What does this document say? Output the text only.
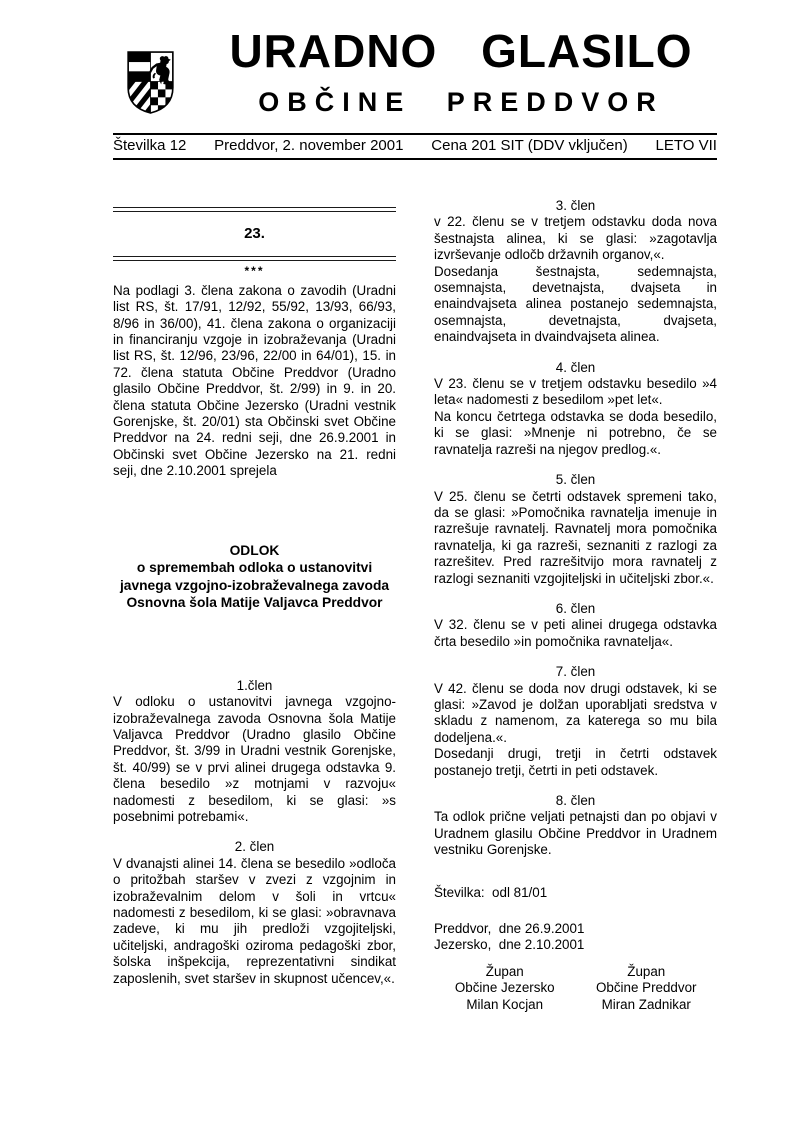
URADNO GLASILO
OBČINE PREDDVOR
Številka 12 Preddvor, 2. november 2001 Cena 201 SIT (DDV vključen) LETO VII
23.
***

Na podlagi 3. člena zakona o zavodih (Uradni list RS, št. 17/91, 12/92, 55/92, 13/93, 66/93, 8/96 in 36/00), 41. člena zakona o organizaciji in financiranju vzgoje in izobraževanja (Uradni list RS, št. 12/96, 23/96, 22/00 in 64/01), 15. in 72. člena statuta Občine Preddvor (Uradno glasilo Občine Preddvor, št. 2/99) in 9. in 20. člena statuta Občine Jezersko (Uradni vestnik Gorenjske, št. 20/01) sta Občinski svet Občine Preddvor na 24. redni seji, dne 26.9.2001 in Občinski svet Občine Jezersko na 21. redni seji, dne 2.10.2001 sprejela

ODLOK
o spremembah odloka o ustanovitvi javnega vzgojno-izobraževalnega zavoda Osnovna šola Matije Valjavca Preddvor
1.člen

V odloku o ustanovitvi javnega vzgojno-izobraževalnega zavoda Osnovna šola Matije Valjavca Preddvor (Uradno glasilo Občine Preddvor, št. 3/99 in Uradni vestnik Gorenjske, št. 40/99) se v prvi alinei drugega odstavka 9. člena besedilo »z motnjami v razvoju« nadomesti z besedilom, ki se glasi: »s posebnimi potrebami«.

2. člen

V dvanajsti alinei 14. člena se besedilo »odloča o pritožbah staršev v zvezi z vzgojnim in izobraževalnim delom v šoli in vrtcu« nadomesti z besedilom, ki se glasi: »obravnava zadeve, ki mu jih predloži vzgojiteljski, učiteljski, andragoški oziroma pedagoški zbor, šolska inšpekcija, reprezentativni sindikat zaposlenih, svet staršev in skupnost učencev,«.

3. člen

v 22. členu se v tretjem odstavku doda nova šestnajsta alinea, ki se glasi: »zagotavlja izvrševanje odločb državnih organov,«.

Dosedanja šestnajsta, sedemnajsta, osemnajsta, devetnajsta, dvajseta in enaindvajseta alinea postanejo sedemnajsta, osemnajsta, devetnajsta, dvajseta, enaindvajseta in dvaindvajseta alinea.

4. člen

V 23. členu se v tretjem odstavku besedilo »4 leta« nadomesti z besedilom »pet let«.

Na koncu četrtega odstavka se doda besedilo, ki se glasi: »Mnenje ni potrebno, če se ravnatelja razreši na njegov predlog.«.

5. člen

V 25. členu se četrti odstavek spremeni tako, da se glasi: »Pomočnika ravnatelja imenuje in razrešuje ravnatelj. Ravnatelj mora pomočnika ravnatelja, ki ga razreši, seznaniti z razlogi za razrešitev. Pred razrešitvijo mora ravnatelj z razlogi seznaniti vzgojiteljski in učiteljski zbor.«.

6. člen

V 32. členu se v peti alinei drugega odstavka črta besedilo »in pomočnika ravnatelja«.

7. člen

V 42. členu se doda nov drugi odstavek, ki se glasi: »Zavod je dolžan uporabljati sredstva v skladu z namenom, za katerega so mu bila dodeljena.«.

Dosedanji drugi, tretji in četrti odstavek postanejo tretji, četrti in peti odstavek.

8. člen

Ta odlok prične veljati petnajsti dan po objavi v Uradnem glasilu Občine Preddvor in Uradnem vestniku Gorenjske.

Številka:  odl 81/01
Preddvor,  dne 26.9.2001
Jezersko,  dne 2.10.2001
Župan
Občine Jezersko
Milan Kocjan
Župan
Občine Preddvor
Miran Zadnikar
